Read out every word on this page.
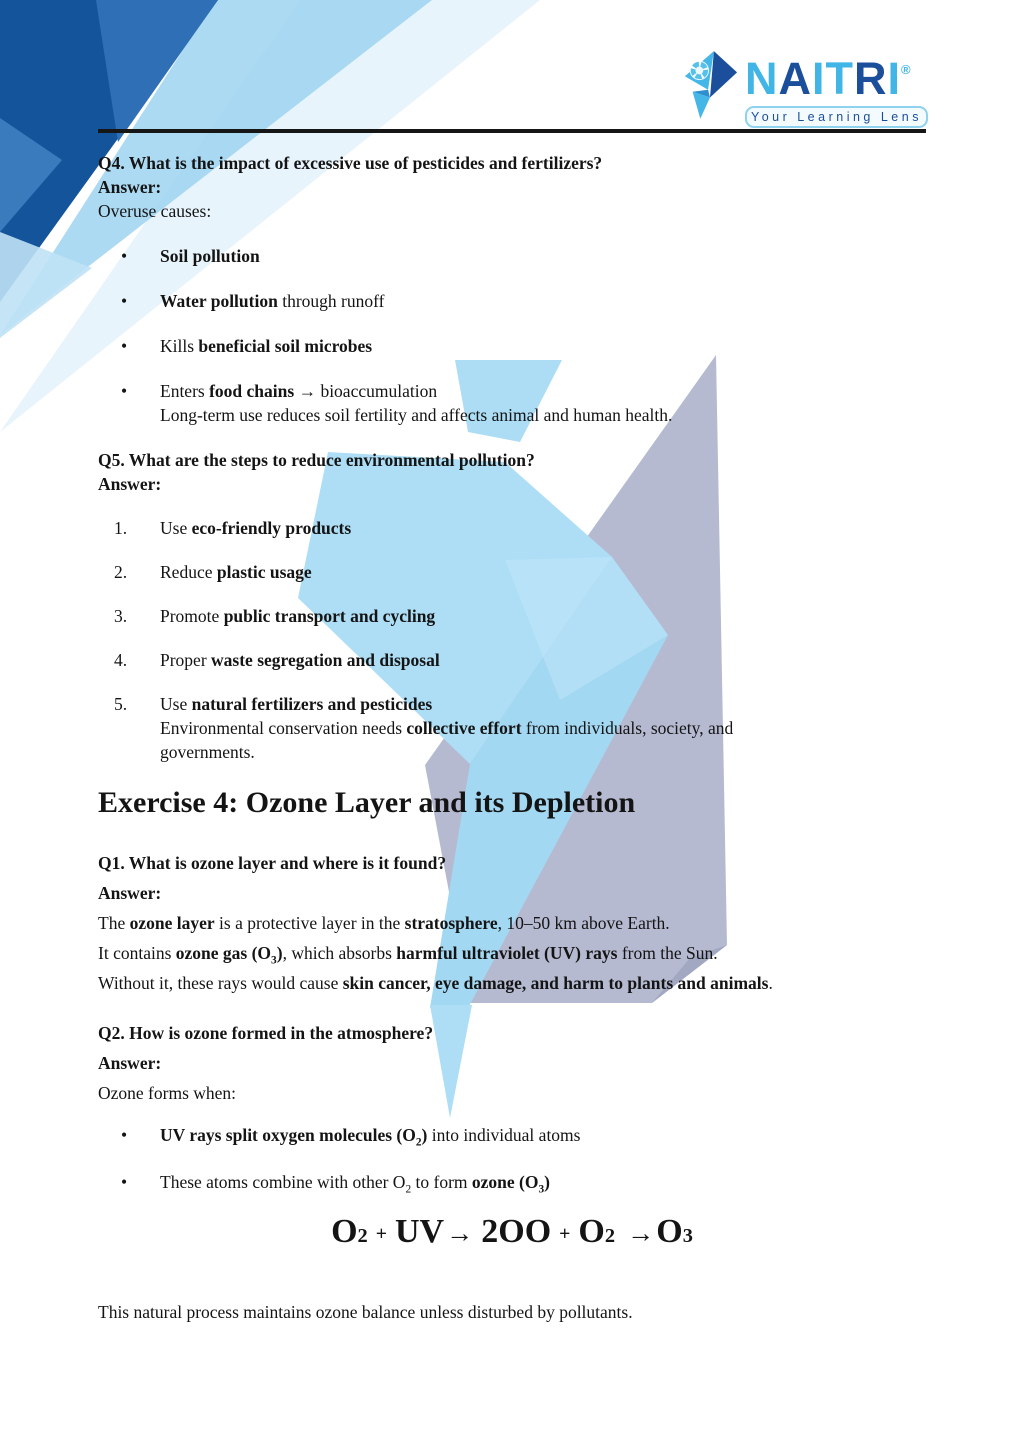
NAITRI®
Your Learning Lens
Q4. What is the impact of excessive use of pesticides and fertilizers?
Answer:
Overuse causes:
• Soil pollution
• Water pollution through runoff
• Kills beneficial soil microbes
• Enters food chains → bioaccumulation
Long-term use reduces soil fertility and affects animal and human health.
Q5. What are the steps to reduce environmental pollution?
Answer:
1. Use eco-friendly products
2. Reduce plastic usage
3. Promote public transport and cycling
4. Proper waste segregation and disposal
5. Use natural fertilizers and pesticides
Environmental conservation needs collective effort from individuals, society, and
governments.
Exercise 4: Ozone Layer and its Depletion
Q1. What is ozone layer and where is it found?
Answer:
The ozone layer is a protective layer in the stratosphere, 10–50 km above Earth.
It contains ozone gas $(O_3)$, which absorbs harmful ultraviolet (UV) rays from the Sun.
Without it, these rays would cause skin cancer, eye damage, and harm to plants and animals.
Q2. How is ozone formed in the atmosphere?
Answer:
Ozone forms when:
• UV rays split oxygen molecules $(O_2)$ into individual atoms
• These atoms combine with other $O_2$ to form ozone $(O_3)$
O2 + UV→ 2OO + O2 →O3
This natural process maintains ozone balance unless disturbed by pollutants.
